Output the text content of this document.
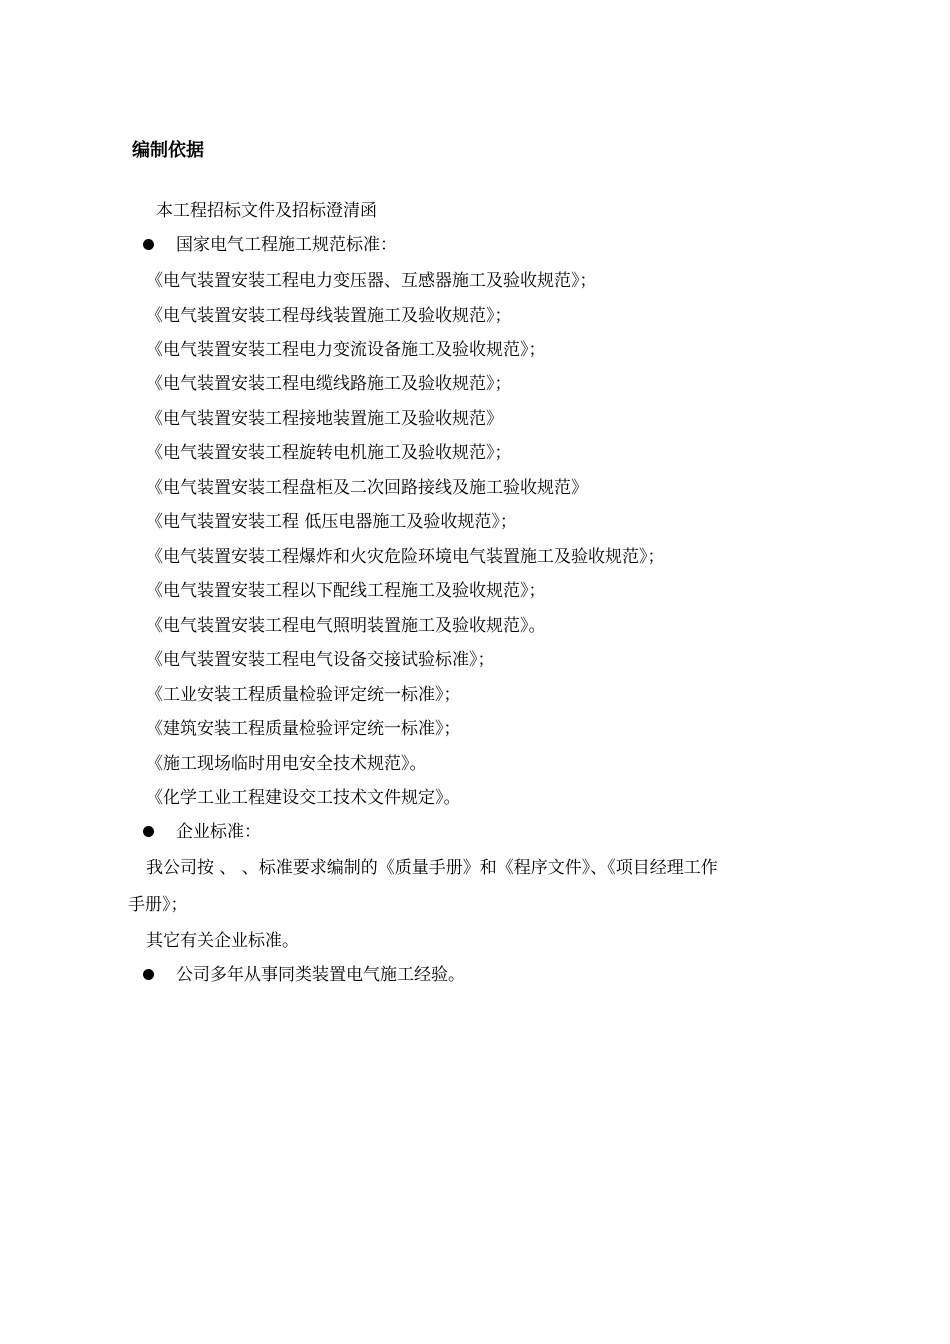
编制依据
本工程招标文件及招标澄清函
国家电气工程施工规范标准：
《电气装置安装工程电力变压器、互感器施工及验收规范》；
《电气装置安装工程母线装置施工及验收规范》；
《电气装置安装工程电力变流设备施工及验收规范》；
《电气装置安装工程电缆线路施工及验收规范》；
《电气装置安装工程接地装置施工及验收规范》
《电气装置安装工程旋转电机施工及验收规范》；
《电气装置安装工程盘柜及二次回路接线及施工验收规范》
《电气装置安装工程 低压电器施工及验收规范》；
《电气装置安装工程爆炸和火灾危险环境电气装置施工及验收规范》；
《电气装置安装工程以下配线工程施工及验收规范》；
《电气装置安装工程电气照明装置施工及验收规范》。
《电气装置安装工程电气设备交接试验标准》；
《工业安装工程质量检验评定统一标准》；
《建筑安装工程质量检验评定统一标准》；
《施工现场临时用电安全技术规范》。
《化学工业工程建设交工技术文件规定》。
企业标准：
我公司按 、 、标准要求编制的《质量手册》和《程序文件》、《项目经理工作
手册》；
其它有关企业标准。
公司多年从事同类装置电气施工经验。
